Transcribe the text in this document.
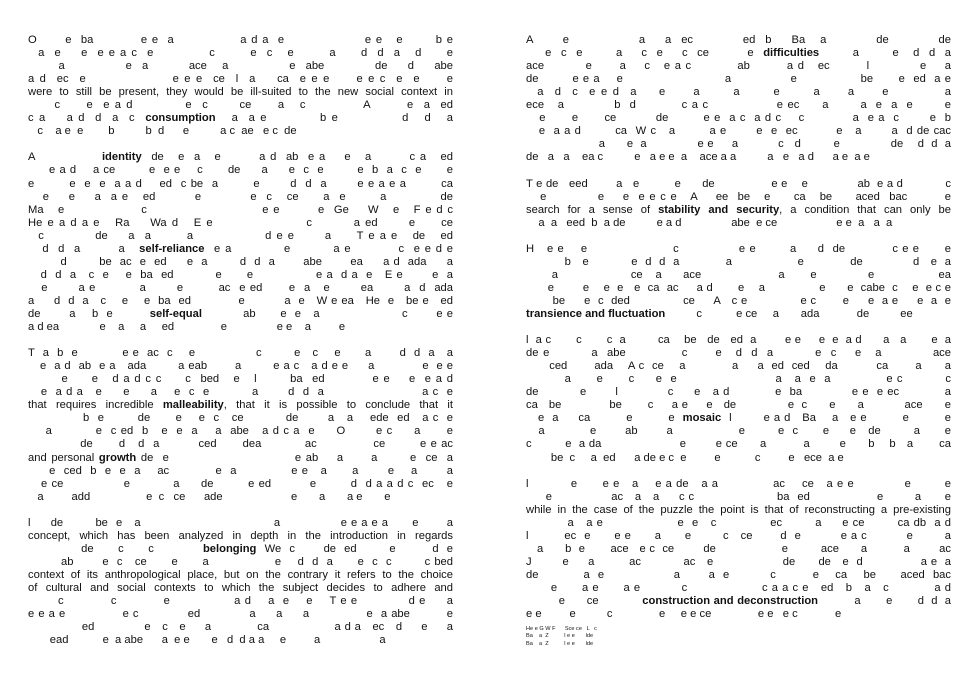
O      e  ba          e e  a              a d a  e                 e e   e       b e
a  e    e  e e a c  e           c       e  c   e       a     d  d  a   d     e
a            e  a        ace   a            e  abe          de    d    abe
a d  ec  e                e e e  ce  l  a    ca  e e e     e e c  e  e     e
were to still be present, they would be ill-suited to the new social context in
c     e  e a d          e  c      ce     a   c           A       e  a  ed
c a    a d  d  a  c  consumption   a  a e          b e            d   d   a
c    a e  e        b          b  d      e          a c  ae   e c  de
A              identity  de   e  a   e        a d  ab  e a    e   a        c a   ed
e a d    a ce        e  e e    c      de     a     e  c  e        e  b  a  c  e      e
e        e  e  e  a a d    ed  c be  a        e       d  d  a       e e a e a        ca
e    e    a  a e   ed        e          e  c   ce     a  e       a           de
Ma   e                c                        e e        e  Ge    W   e   F e d c
He e a d a e   Ra    Wa d   E e                  c        a ed      e     ce
c          de    a  a       a              d e e      a     T e a e   de   ed
d  d  a        a   self-reliance  e a           e         a e          c  e e d e
d        be  ac  e  ed     e  a        d  d  a       abe       ea     a d  ada     a
d  d  a   c  e    e  ba  ed          e      e               e a  d a  e   E e       e  a
e       a e          a       e        ac  e ed      e  a   e       ea       a  d  ada
a     d  d  a   c    e    e  ba  ed            e          a  e   W e ea   He  e   be e   ed
de       a    b  e         self-equal          ab      e  e   a                    c       e e
a d ea             e    a     a     ed               e                e e    a         e
T  a  b  e           e e  ac  c    e               c        e   c    e      a       d  d  a   a
e  a d  ab  e a   ada        a eab       a        e a c   a d e e     a            e  e e
e     e   d a d c c     c  bed   e   l       ba  ed          e e    e  e a d
e  a d a   e     e     a    e  c  e          a       d  d  a                       a c  e
that requires incredible malleability, that it is possible to conclude that it
b  e        de      e    e  c   ce          de       a   a    ede  ed   a c  e
a          e  c ed  b   e  e  a    a  abe   a d c a  e     O       e c     a      e
de      d   d  a         ced      dea          ac             ce        e e ac
and personal growth de  e                           e ab    a      a       e  ce  a
e  ced  b  e  e  a    ac           e  a             e e   a      a       e    a       a
e ce              e          a     de        e ed         e        d  d a a d c  ec   e
a         add                  e  c   ce      ade                      e       a       a e       e
l     de        be  e   a                                 a               e e a e a      e       a
concept, which has been analyzed in depth in the introduction in regards
de      c      c            belonging  We  c       de  ed        e         d  e
ab       e  c   ce      e      a                e    d  d  a      e  c  c        c bed
context of its anthropological place, but on the contrary it refers to the choice
of cultural and social contexts to which the subject decides to adhere and
c           c           e               a d    a  e    e    T e e            d e     a
e e a e              e c            ed            a     a     a              e  a abe         e
ed             e   c   e     a            ca                 a d a   ec   d     e     a
ead           e  a abe      a  e e       e   d  d a a     e         a                   a
A      e              a    a  ec          ed  b    Ba   a          de          de
e  c  e       a    c  e    c  ce        e  difficulties       a       e   d  d  a
ace         e      a    c   e a c          ab        a d   ec        l           e    a
de        e e a    e                        a              e               be      e  ed  a e
a  d  c  e e d  a    e     a      a      e      a     a     e          a
ece   a           b  d          c a c               e ec     a       a  e  a  e       e
e      e      ce         de        e e  a c  a d c    c           a  e a  c       e  b
e  a a d        ca  W c   a        a e       e  e  ec         e   a       a  d de cac
a      e  a              e e     a           c   d         e              de    d  d  a
de   a   a    ea c          e   a e e  a    ace a a          a   e   a d      a e  a e
T e de   eed        a   e          e      de                e e    e              ab  e a d            c
e           e    e  e e c e   A    ee  be   e     ca   be     aced  bac        e
search for a sense of stability and security, a condition that can only be
a  a   eed  b  a de          e a d                abe  e ce                   e e  a   a  a
H   e e    e                    c              e e        a     d  de           c e e      e
b   e           e  d  d  a            a                 e            de             d   e  a
a                 ce   a     ace                  a      e            e               ea
e        e    e  e   e  ca  ac     a d       e    a               e      e  cabe  c    e  e c e
be     e  c  ded              ce     A   c e              e c       e     e  a e     e  a  e
transience and fluctuation          c           e ce     a       ada            de          ee
l  a c       c       c  a         ca    be   de   ed  a        e e     e  e  a d      a   a       e  a
de e         a  abe            c      e   d  d  a         e  c    e   a           ace
ced       ada    A c  ce    a            a     a  ed  ced    da          ca       a      a
a      e      c     e  e                       a   a  e  a             e c          c
de          e       l            c     e   a d           e  ba            e e  e ec           a
ca   be             be       c     a e     e   de              e  c      e      a           ace      e
e  a     ca         e         e  mosaic  l        e a d   Ba    a   e e         e         e
a           e       ab       a                e        e  c      e     e   de        a      e
c         e  a da                     e        e ce      a          a        e      b    b   a       ca
be  c     a  ed      a de e c  e         e           c         e   ece  a e
l          e      e e   a    e a de   a a             ac    ce   a e e            e        e
e               ac   a   a     c c                     ba  ed                 e        a      e
while in the case of the puzzle the point is that of reconstructing a pre-existing
a   a e                  e  e   c             ec        a     e ce        ca db  a d
l         ec  e      e e      a      e        c   ce       d  e          e a c          e        a
a      b  e       ace   e c  ce        de                  e         ace      a          a        ac
J        e     a         ac           ac   e                  de      de   e  d               a e  a
de           a  e                 a       a  e          c         e    ca    be      aced  bac
e      a e      a e          c                  c a a c e   ed   b   a   c           a d
e      ce            construction and deconstruction          a       e       d  d  a
e e         e          c               e     e e ce               e e   e c            e
He e G W F      Sce ce   L   c
Ba    a  Z          l e e       lde
Ba    a  Z          l e e       lde
